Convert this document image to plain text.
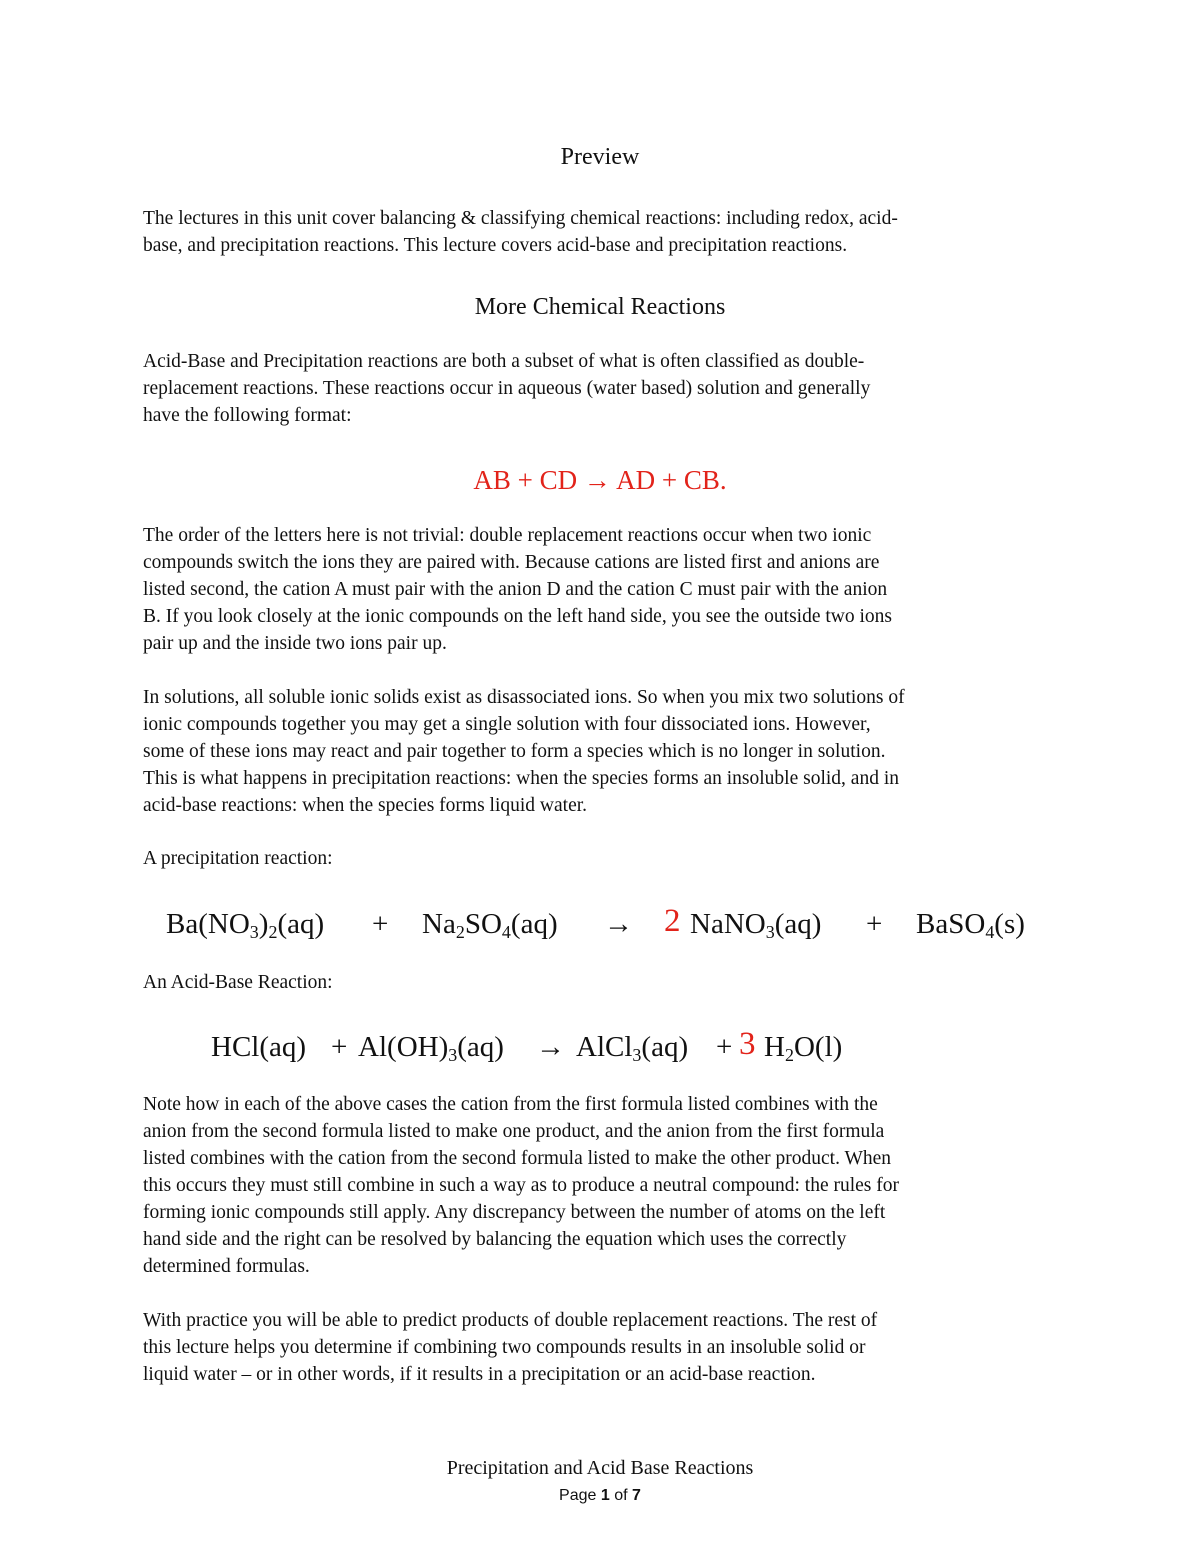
Preview

The lectures in this unit cover balancing & classifying chemical reactions: including redox, acid-
base, and precipitation reactions. This lecture covers acid-base and precipitation reactions.

More Chemical Reactions

Acid-Base and Precipitation reactions are both a subset of what is often classified as double-
replacement reactions. These reactions occur in aqueous (water based) solution and generally
have the following format:

AB + CD → AD + CB.

The order of the letters here is not trivial: double replacement reactions occur when two ionic
compounds switch the ions they are paired with. Because cations are listed first and anions are
listed second, the cation A must pair with the anion D and the cation C must pair with the anion
B. If you look closely at the ionic compounds on the left hand side, you see the outside two ions
pair up and the inside two ions pair up.

In solutions, all soluble ionic solids exist as disassociated ions. So when you mix two solutions of
ionic compounds together you may get a single solution with four dissociated ions. However,
some of these ions may react and pair together to form a species which is no longer in solution.
This is what happens in precipitation reactions: when the species forms an insoluble solid, and in
acid-base reactions: when the species forms liquid water.

A precipitation reaction:

$Ba(NO_3)_2(aq) + Na_2SO_4(aq) \to 2$ NaNO$_3$(aq) + BaSO$_4$(s)

An Acid-Base Reaction:

$HCl(aq) + Al(OH)_3(aq)$ → AlCl$_3$(aq) + 3 $H_2O(l)$

Note how in each of the above cases the cation from the first formula listed combines with the
anion from the second formula listed to make one product, and the anion from the first formula
listed combines with the cation from the second formula listed to make the other product. When
this occurs they must still combine in such a way as to produce a neutral compound: the rules for
forming ionic compounds still apply. Any discrepancy between the number of atoms on the left
hand side and the right can be resolved by balancing the equation which uses the correctly
determined formulas.

With practice you will be able to predict products of double replacement reactions. The rest of
this lecture helps you determine if combining two compounds results in an insoluble solid or
liquid water – or in other words, if it results in a precipitation or an acid-base reaction.

Precipitation and Acid Base Reactions
Page 1 of 7
